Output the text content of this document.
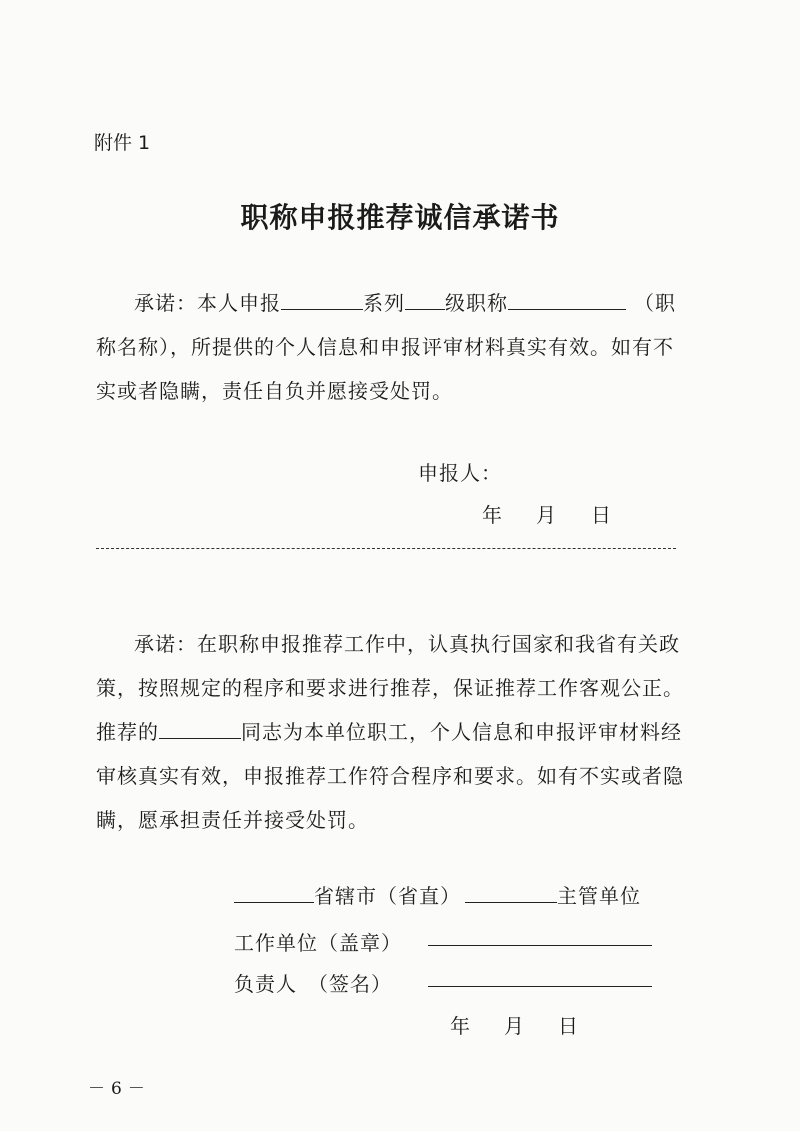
附件 1
职称申报推荐诚信承诺书
承诺：本人申报	系列 级职称	（职
称名称），所提供的个人信息和申报评审材料真实有效。如有不
实或者隐瞒，责任自负并愿接受处罚。
申报人：
年 月 日
承诺：在职称申报推荐工作中，认真执行国家和我省有关政
策，按照规定的程序和要求进行推荐，保证推荐工作客观公正。
推荐的	同志为本单位职工，个人信息和申报评审材料经
审核真实有效，申报推荐工作符合程序和要求。如有不实或者隐
瞒，愿承担责任并接受处罚。
省辖市（省直）	主管单位
工作单位（盖章）
负责人　（签名）
年 月 日
－6－
